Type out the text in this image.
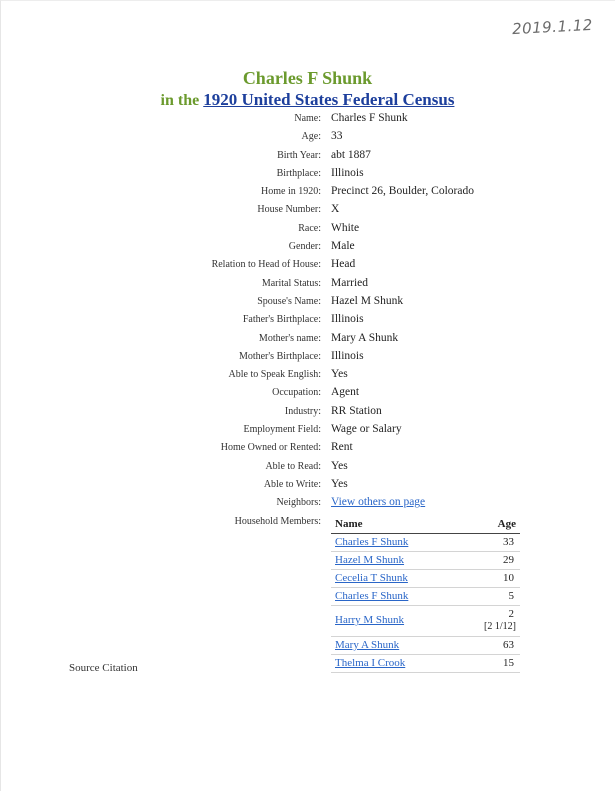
2019.1.12
Charles F Shunk
in the 1920 United States Federal Census
Name: Charles F Shunk
Age: 33
Birth Year: abt 1887
Birthplace: Illinois
Home in 1920: Precinct 26, Boulder, Colorado
House Number: X
Race: White
Gender: Male
Relation to Head of House: Head
Marital Status: Married
Spouse's Name: Hazel M Shunk
Father's Birthplace: Illinois
Mother's name: Mary A Shunk
Mother's Birthplace: Illinois
Able to Speak English: Yes
Occupation: Agent
Industry: RR Station
Employment Field: Wage or Salary
Home Owned or Rented: Rent
Able to Read: Yes
Able to Write: Yes
Neighbors: View others on page
Household Members: Name	Age
Charles F Shunk	33
Hazel M Shunk	29
Cecelia T Shunk	10
Charles F Shunk	5
Harry M Shunk	2
[2 1/12]
Mary A Shunk	63
Thelma I Crook	15
Source Citation
